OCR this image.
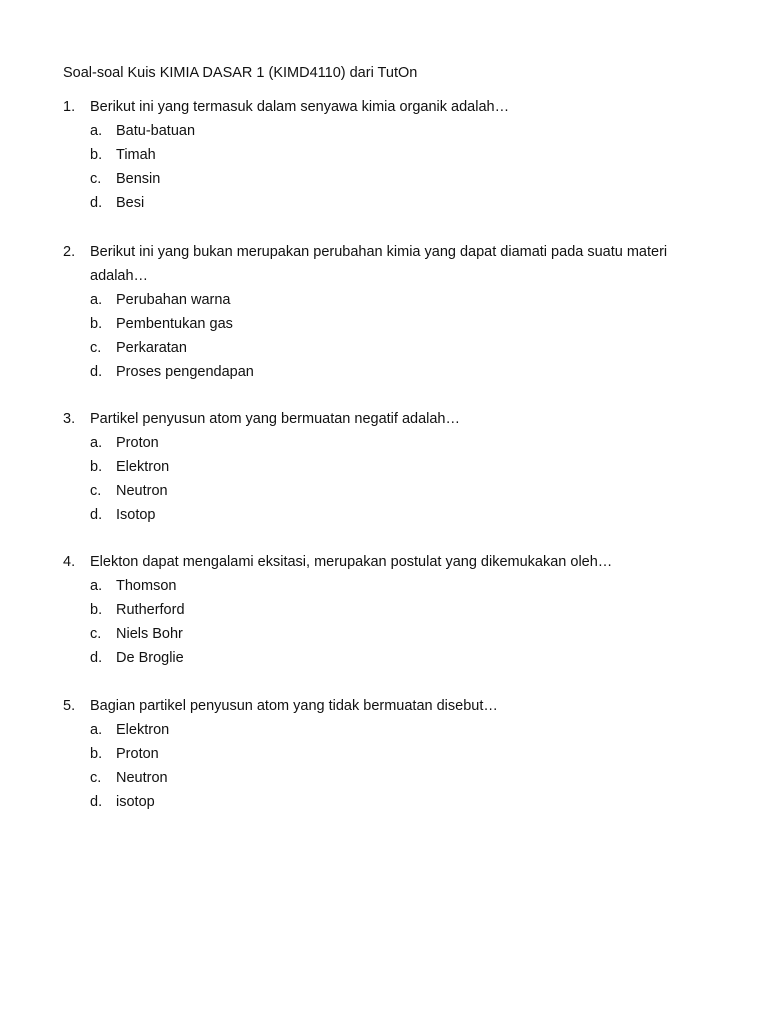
Soal-soal Kuis KIMIA DASAR 1 (KIMD4110) dari TutOn
1.	Berikut ini yang termasuk dalam senyawa kimia organik adalah…
a. Batu-batuan
b. Timah
c.	Bensin
d. Besi
2.	Berikut ini yang bukan merupakan perubahan kimia yang dapat diamati pada suatu materi adalah…
a. Perubahan warna
b. Pembentukan gas
c.	Perkaratan
d. Proses pengendapan
3.	Partikel penyusun atom yang bermuatan negatif adalah…
a. Proton
b. Elektron
c.	Neutron
d. Isotop
4.	Elekton dapat mengalami eksitasi, merupakan postulat yang dikemukakan oleh…
a. Thomson
b. Rutherford
c.	Niels Bohr
d. De Broglie
5.	Bagian partikel penyusun atom yang tidak bermuatan disebut…
a. Elektron
b. Proton
c.	Neutron
d. isotop
